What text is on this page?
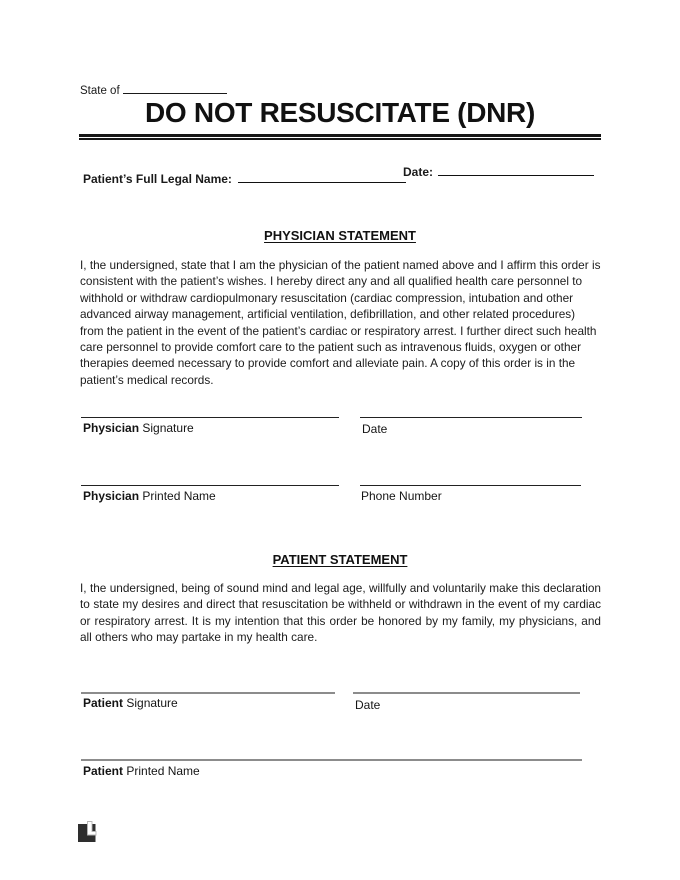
State of
DO NOT RESUSCITATE (DNR)
Patient’s Full Legal Name:	Date:
PHYSICIAN STATEMENT

I, the undersigned, state that I am the physician of the patient named above and I affirm this order is consistent with the patient’s wishes. I hereby direct any and all qualified health care personnel to withhold or withdraw cardiopulmonary resuscitation (cardiac compression, intubation and other advanced airway management, artificial ventilation, defibrillation, and other related procedures) from the patient in the event of the patient’s cardiac or respiratory arrest. I further direct such health care personnel to provide comfort care to the patient such as intravenous fluids, oxygen or other therapies deemed necessary to provide comfort and alleviate pain. A copy of this order is in the patient’s medical records.

Physician Signature	Date
Physician Printed Name	Phone Number
PATIENT STATEMENT

I, the undersigned, being of sound mind and legal age, willfully and voluntarily make this declaration to state my desires and direct that resuscitation be withheld or withdrawn in the event of my cardiac or respiratory arrest. It is my intention that this order be honored by my family, my physicians, and all others who may partake in my health care.

Patient Signature	Date
Patient Printed Name
